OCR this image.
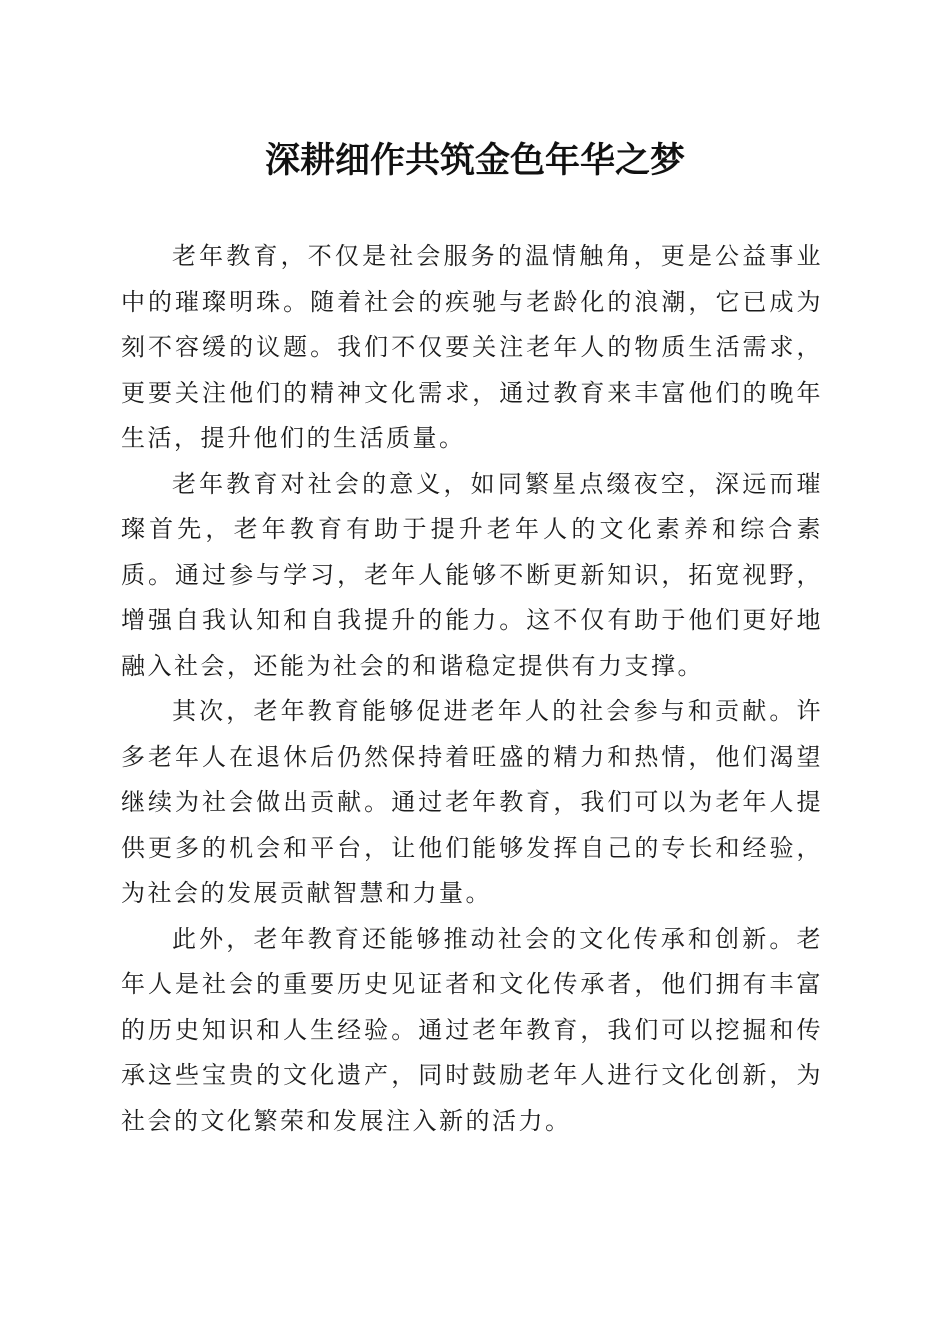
深耕细作共筑金色年华之梦

老年教育，不仅是社会服务的温情触角，更是公益事业中的璀璨明珠。随着社会的疾驰与老龄化的浪潮，它已成为刻不容缓的议题。我们不仅要关注老年人的物质生活需求，更要关注他们的精神文化需求，通过教育来丰富他们的晚年生活，提升他们的生活质量。

老年教育对社会的意义，如同繁星点缀夜空，深远而璀璨首先，老年教育有助于提升老年人的文化素养和综合素质。通过参与学习，老年人能够不断更新知识，拓宽视野，增强自我认知和自我提升的能力。这不仅有助于他们更好地融入社会，还能为社会的和谐稳定提供有力支撑。

其次，老年教育能够促进老年人的社会参与和贡献。许多老年人在退休后仍然保持着旺盛的精力和热情，他们渴望继续为社会做出贡献。通过老年教育，我们可以为老年人提供更多的机会和平台，让他们能够发挥自己的专长和经验，为社会的发展贡献智慧和力量。

此外，老年教育还能够推动社会的文化传承和创新。老年人是社会的重要历史见证者和文化传承者，他们拥有丰富的历史知识和人生经验。通过老年教育，我们可以挖掘和传承这些宝贵的文化遗产，同时鼓励老年人进行文化创新，为社会的文化繁荣和发展注入新的活力。
